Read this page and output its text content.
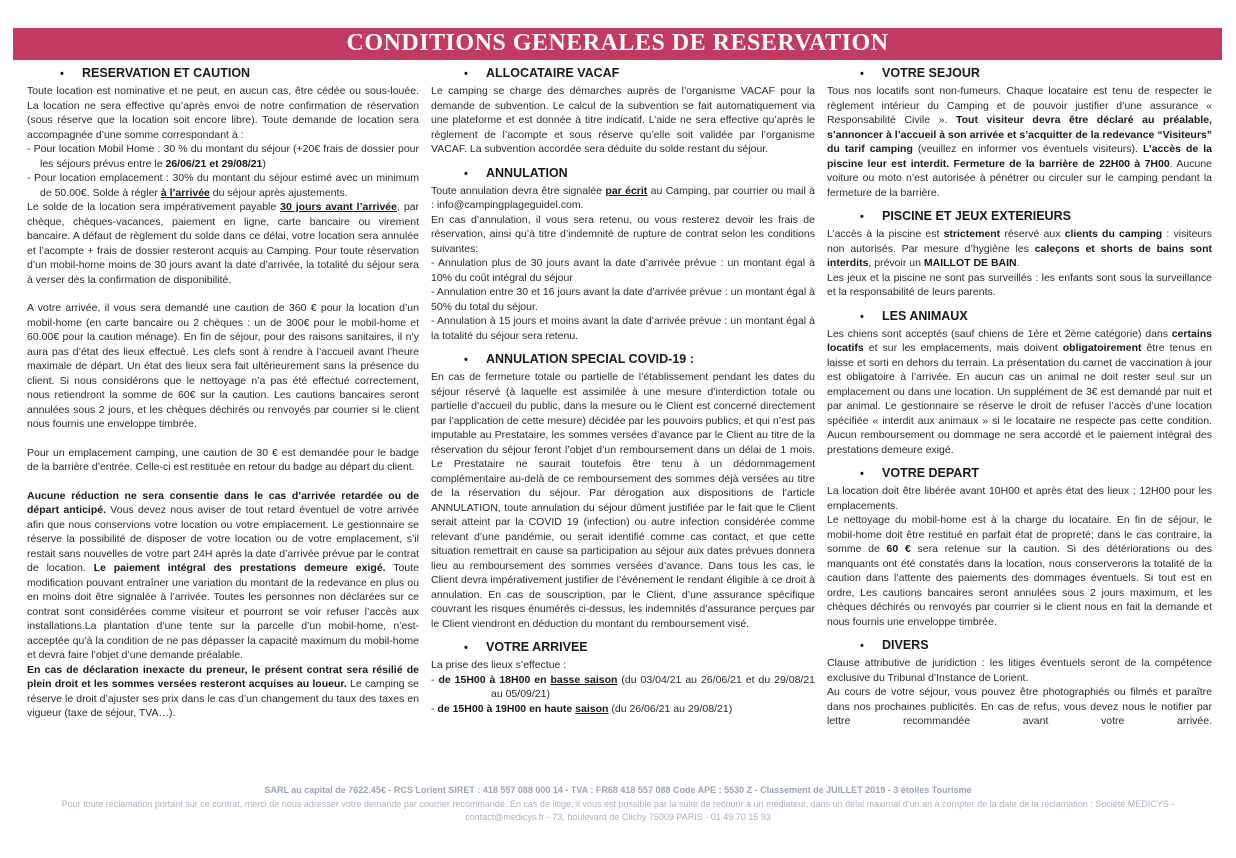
CONDITIONS GENERALES DE RESERVATION
• RESERVATION ET CAUTION
Toute location est nominative et ne peut, en aucun cas, être cédée ou sous-louée. La location ne sera effective qu’après envoi de notre confirmation de réservation (sous réserve que la location soit encore libre). Toute demande de location sera accompagnée d’une somme correspondant à :
- Pour location Mobil Home : 30 % du montant du séjour (+20€ frais de dossier pour les séjours prévus entre le 26/06/21 et 29/08/21)
- Pour location emplacement : 30% du montant du séjour estimé avec un minimum de 50.00€. Solde à régler à l’arrivée du séjour après ajustements.
Le solde de la location sera impérativement payable 30 jours avant l’arrivée, par chèque, chèques-vacances, paiement en ligne, carte bancaire ou virement bancaire. A défaut de règlement du solde dans ce délai, votre location sera annulée et l’acompte + frais de dossier resteront acquis au Camping. Pour toute réservation d’un mobil-home moins de 30 jours avant la date d’arrivée, la totalité du séjour sera à verser dès la confirmation de disponibilité.
A votre arrivée, il vous sera demandé une caution de 360 € pour la location d’un mobil-home (en carte bancaire ou 2 chèques : un de 300€ pour le mobil-home et 60.00€ pour la caution ménage). En fin de séjour, pour des raisons sanitaires, il n’y aura pas d’état des lieux effectué. Les clefs sont à rendre à l’accueil avant l’heure maximale de départ. Un état des lieux sera fait ultérieurement sans la présence du client. Si nous considérons que le nettoyage n’a pas été effectué correctement, nous retiendront la somme de 60€ sur la caution. Les cautions bancaires seront annulées sous 2 jours, et les chèques déchirés ou renvoyés par courrier si le client nous fournis une enveloppe timbrée.
Pour un emplacement camping, une caution de 30 € est demandée pour le badge de la barrière d’entrée. Celle-ci est restituée en retour du badge au départ du client.
Aucune réduction ne sera consentie dans le cas d’arrivée retardée ou de départ anticipé. Vous devez nous aviser de tout retard éventuel de votre arrivée afin que nous conservions votre location ou votre emplacement. Le gestionnaire se réserve la possibilité de disposer de votre location ou de votre emplacement, s’il restait sans nouvelles de votre part 24H après la date d’arrivée prévue par le contrat de location. Le paiement intégral des prestations demeure exigé. Toute modification pouvant entraîner une variation du montant de la redevance en plus ou en moins doit être signalée à l’arrivée. Toutes les personnes non déclarées sur ce contrat sont considérées comme visiteur et pourront se voir refuser l’accès aux installations.La plantation d’une tente sur la parcelle d’un mobil-home, n’est-acceptée qu’à la condition de ne pas dépasser la capacité maximum du mobil-home et devra faire l’objet d’une demande préalable.
En cas de déclaration inexacte du preneur, le présent contrat sera résilié de plein droit et les sommes versées resteront acquises au loueur. Le camping se réserve le droit d’ajuster ses prix dans le cas d’un changement du taux des taxes en vigueur (taxe de séjour, TVA…).
• ALLOCATAIRE VACAF
Le camping se charge des démarches auprès de l’organisme VACAF pour la demande de subvention. Le calcul de la subvention se fait automatiquement via une plateforme et est donnée à titre indicatif. L’aide ne sera effective qu’après le règlement de l’acompte et sous réserve qu’elle soit validée par l’organisme VACAF. La subvention accordée sera déduite du solde restant du séjour.
• ANNULATION
Toute annulation devra être signalée par écrit au Camping, par courrier ou mail à : info@campingplageguidel.com.
En cas d’annulation, il vous sera retenu, ou vous resterez devoir les frais de réservation, ainsi qu’à titre d’indemnité de rupture de contrat selon les conditions suivantes:
- Annulation plus de 30 jours avant la date d’arrivée prévue : un montant égal à 10% du coût intégral du séjour
- Annulation entre 30 et 16 jours avant la date d’arrivée prévue : un montant égal à 50% du total du séjour.
- Annulation à 15 jours et moins avant la date d’arrivée prévue : un montant égal à la totalité du séjour sera retenu.
• ANNULATION SPECIAL COVID-19 :
En cas de fermeture totale ou partielle de l’établissement pendant les dates du séjour réservé (à laquelle est assimilée à une mesure d’interdiction totale ou partielle d’accueil du public, dans la mesure ou le Client est concerné directement par l’application de cette mesure) décidée par les pouvoirs publics, et qui n’est pas imputable au Prestataire, les sommes versées d’avance par le Client au titre de la réservation du séjour feront l’objet d’un remboursement dans un délai de 1 mois. Le Prestataire ne saurait toutefois être tenu à un dédommagement complémentaire au-delà de ce remboursement des sommes déjà versées au titre de la réservation du séjour. Par dérogation aux dispositions de l’article ANNULATION, toute annulation du séjour dûment justifiée par le fait que le Client serait atteint par la COVID 19 (infection) ou autre infection considérée comme relevant d’une pandémie, ou serait identifié comme cas contact, et que cette situation remettrait en cause sa participation au séjour aux dates prévues donnera lieu au remboursement des sommes versées d’avance. Dans tous les cas, le Client devra impérativement justifier de l’événement le rendant éligible à ce droit à annulation. En cas de souscription, par le Client, d’une assurance spécifique couvrant les risques énumérés ci-dessus, les indemnités d’assurance perçues par le Client viendront en déduction du montant du remboursement visé.
• VOTRE ARRIVEE
La prise des lieux s’effectue :
- de 15H00 à 18H00 en basse saison (du 03/04/21 au 26/06/21 et du 29/08/21 au 05/09/21)
- de 15H00 à 19H00 en haute saison (du 26/06/21 au 29/08/21)
• VOTRE SEJOUR
Tous nos locatifs sont non-fumeurs. Chaque locataire est tenu de respecter le règlement intérieur du Camping et de pouvoir justifier d’une assurance « Responsabilité Civile ». Tout visiteur devra être déclaré au préalable, s’annoncer à l’accueil à son arrivée et s’acquitter de la redevance “Visiteurs” du tarif camping (veuillez en informer vos éventuels visiteurs). L’accès de la piscine leur est interdit. Fermeture de la barrière de 22H00 à 7H00. Aucune voiture ou moto n’est autorisée à pénétrer ou circuler sur le camping pendant la fermeture de la barrière.
• PISCINE ET JEUX EXTERIEURS
L’accès à la piscine est strictement réservé aux clients du camping : visiteurs non autorisés. Par mesure d’hygiène les caleçons et shorts de bains sont interdits, prévoir un MAILLOT DE BAIN.
Les jeux et la piscine ne sont pas surveillés : les enfants sont sous la surveillance et la responsabilité de leurs parents.
• LES ANIMAUX
Les chiens sont acceptés (sauf chiens de 1ère et 2ème catégorie) dans certains locatifs et sur les emplacements, mais doivent obligatoirement être tenus en laisse et sorti en dehors du terrain. La présentation du carnet de vaccination à jour est obligatoire à l’arrivée. En aucun cas un animal ne doit rester seul sur un emplacement ou dans une location. Un supplément de 3€ est demandé par nuit et par animal. Le gestionnaire se réserve le droit de refuser l’accès d’une location spécifiée « interdit aux animaux » si le locataire ne respecte pas cette condition. Aucun remboursement ou dommage ne sera accordé et le paiement intégral des prestations demeure exigé.
• VOTRE DEPART
La location doit être libérée avant 10H00 et après état des lieux ; 12H00 pour les emplacements.
Le nettoyage du mobil-home est à la charge du locataire. En fin de séjour, le mobil-home doit être restitué en parfait état de propreté; dans le cas contraire, la somme de 60 € sera retenue sur la caution. Si des détériorations ou des manquants ont été constatés dans la location, nous conserverons la totalité de la caution dans l’attente des paiements des dommages éventuels. Si tout est en ordre, Les cautions bancaires seront annulées sous 2 jours maximum, et les chèques déchirés ou renvoyés par courrier si le client nous en fait la demande et nous fournis une enveloppe timbrée.
• DIVERS
Clause attributive de juridiction : les litiges éventuels seront de la compétence exclusive du Tribunal d’Instance de Lorient.
Au cours de votre séjour, vous pouvez être photographiés ou filmés et paraître dans nos prochaines publicités. En cas de refus, vous devez nous le notifier par lettre recommandée avant votre arrivée.
SARL au capital de 7622.45€ - RCS Lorient SIRET : 418 557 088 000 14 - TVA : FR68 418 557 088 Code APE : 5530 Z - Classement de JUILLET 2019 - 3 étoiles Tourisme
Pour toute réclamation portant sur ce contrat, merci de nous adresser votre demande par courrier recommandé. En cas de litige, il vous est possible par la suite de recourir à un médiateur, dans un délai maximal d’un an à compter de la date de la réclamation : Société MEDICYS -
contact@medicys.fr - 73, boulevard de Clichy 75009 PARIS - 01 49 70 15 93
